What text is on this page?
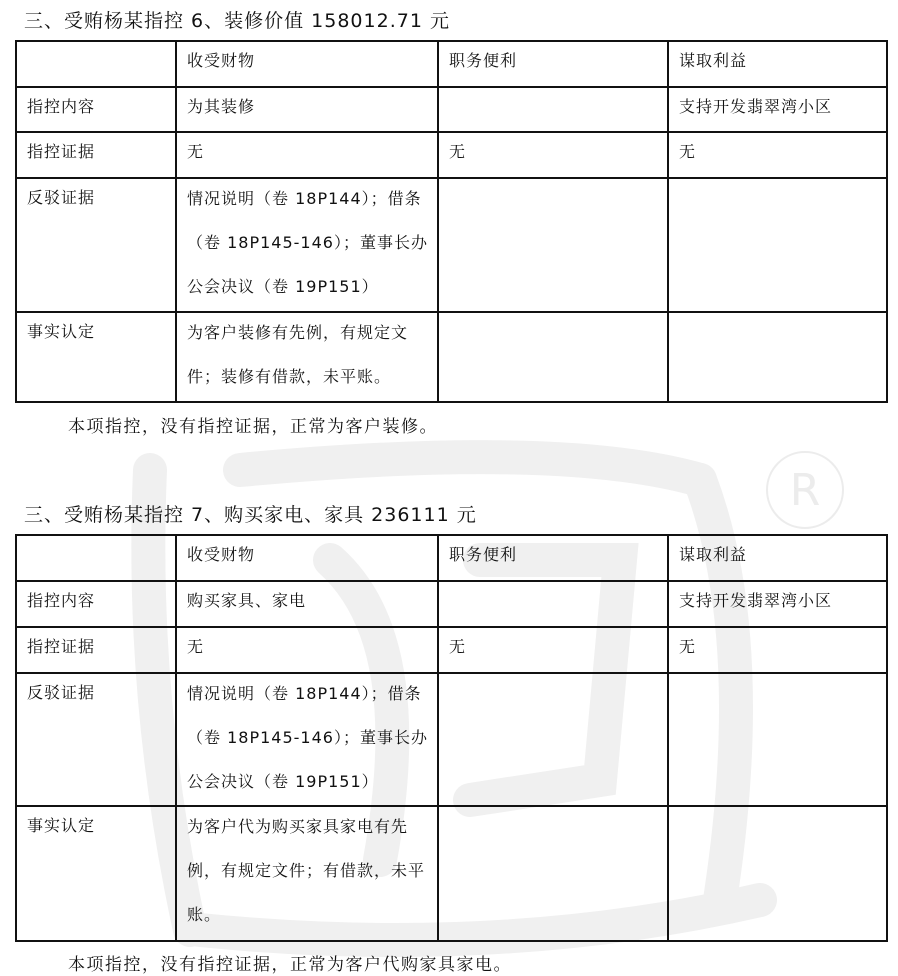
R
三、受贿杨某指控 6、装修价值 158012.71 元
	收受财物	职务便利	谋取利益
指控内容	为其装修		支持开发翡翠湾小区
指控证据	无	无	无
反驳证据	情况说明（卷 18P144）；借条（卷 18P145-146）；董事长办公会决议（卷 19P151）		

事实认定	为客户装修有先例，有规定文件；装修有借款，未平账。		

本项指控，没有指控证据，正常为客户装修。
三、受贿杨某指控 7、购买家电、家具 236111 元
	收受财物	职务便利	谋取利益
指控内容	购买家具、家电		支持开发翡翠湾小区
指控证据	无	无	无
反驳证据	情况说明（卷 18P144）；借条（卷 18P145-146）；董事长办公会决议（卷 19P151）		

事实认定	为客户代为购买家具家电有先例，有规定文件；有借款，未平账。		

本项指控，没有指控证据，正常为客户代购家具家电。
